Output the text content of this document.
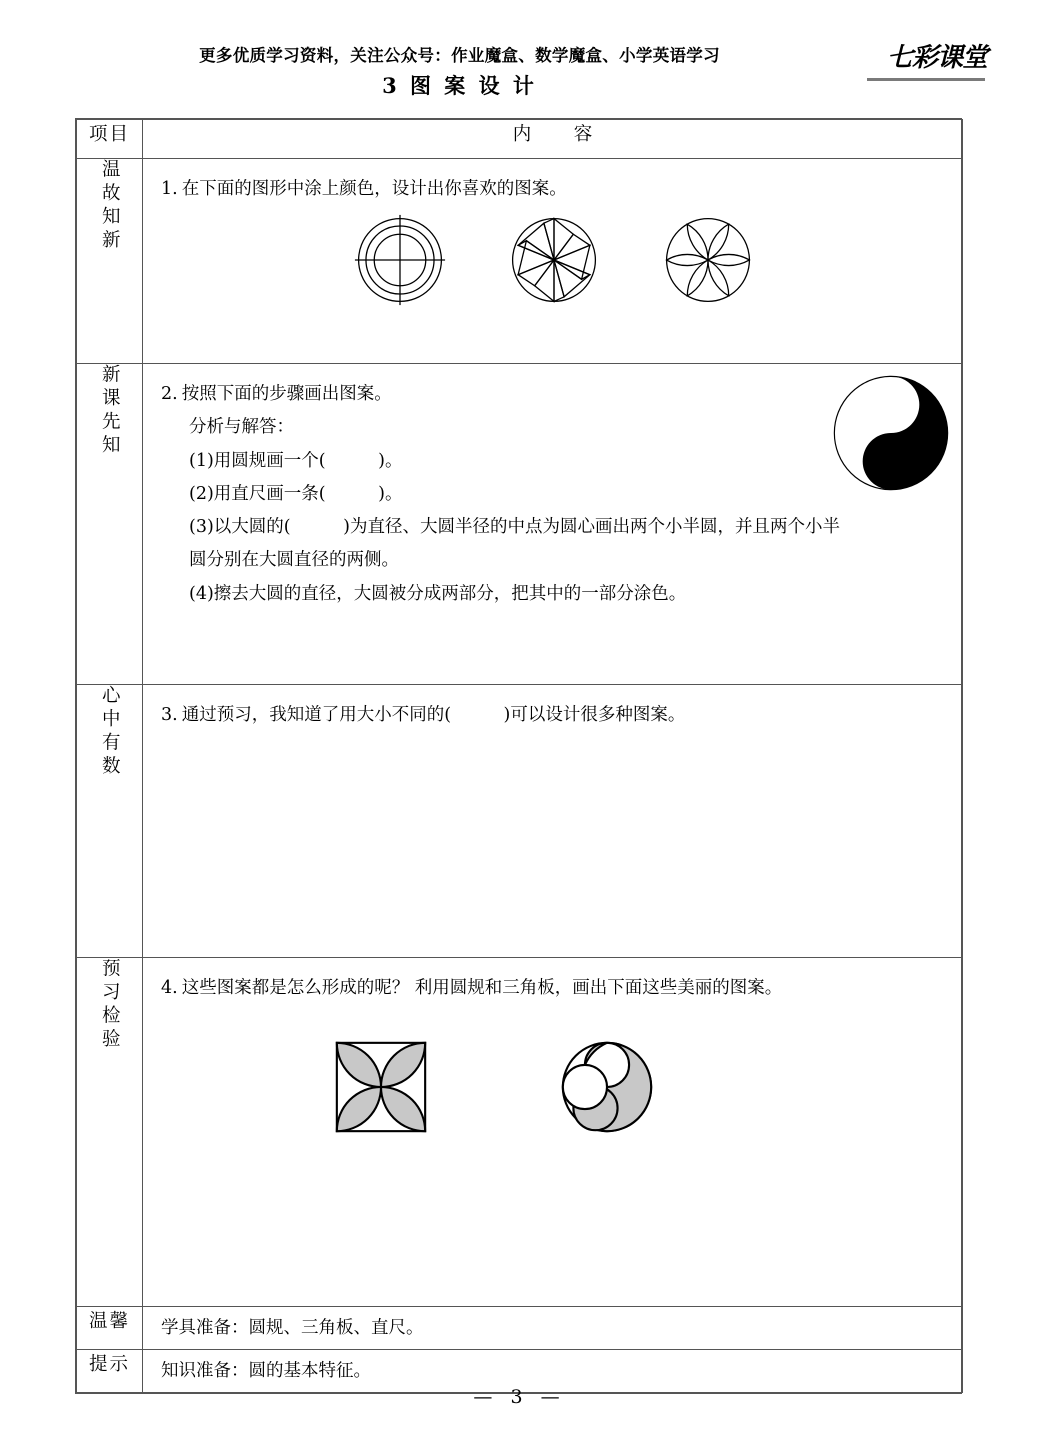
更多优质学习资料，关注公众号：作业魔盒、数学魔盒、小学英语学习
3 图 案 设 计
七彩课堂
项目	内　容
温故知新	1. 在下面的图形中涂上颜色，设计出你喜欢的图案。

新课先知	2. 按照下面的步骤画出图案。
分析与解答：
(1)用圆规画一个(　　　)。
(2)用直尺画一条(　　　)。
(3)以大圆的(　　　)为直径、大圆半径的中点为圆心画出两个小半圆，并且两个小半
圆分别在大圆直径的两侧。
(4)擦去大圆的直径，大圆被分成两部分，把其中的一部分涂色。

心中有数	3. 通过预习，我知道了用大小不同的(　　　)可以设计很多种图案。

预习检验	4. 这些图案都是怎么形成的呢？ 利用圆规和三角板，画出下面这些美丽的图案。

温馨	学具准备：圆规、三角板、直尺。

提示	知识准备：圆的基本特征。
— 3 —
